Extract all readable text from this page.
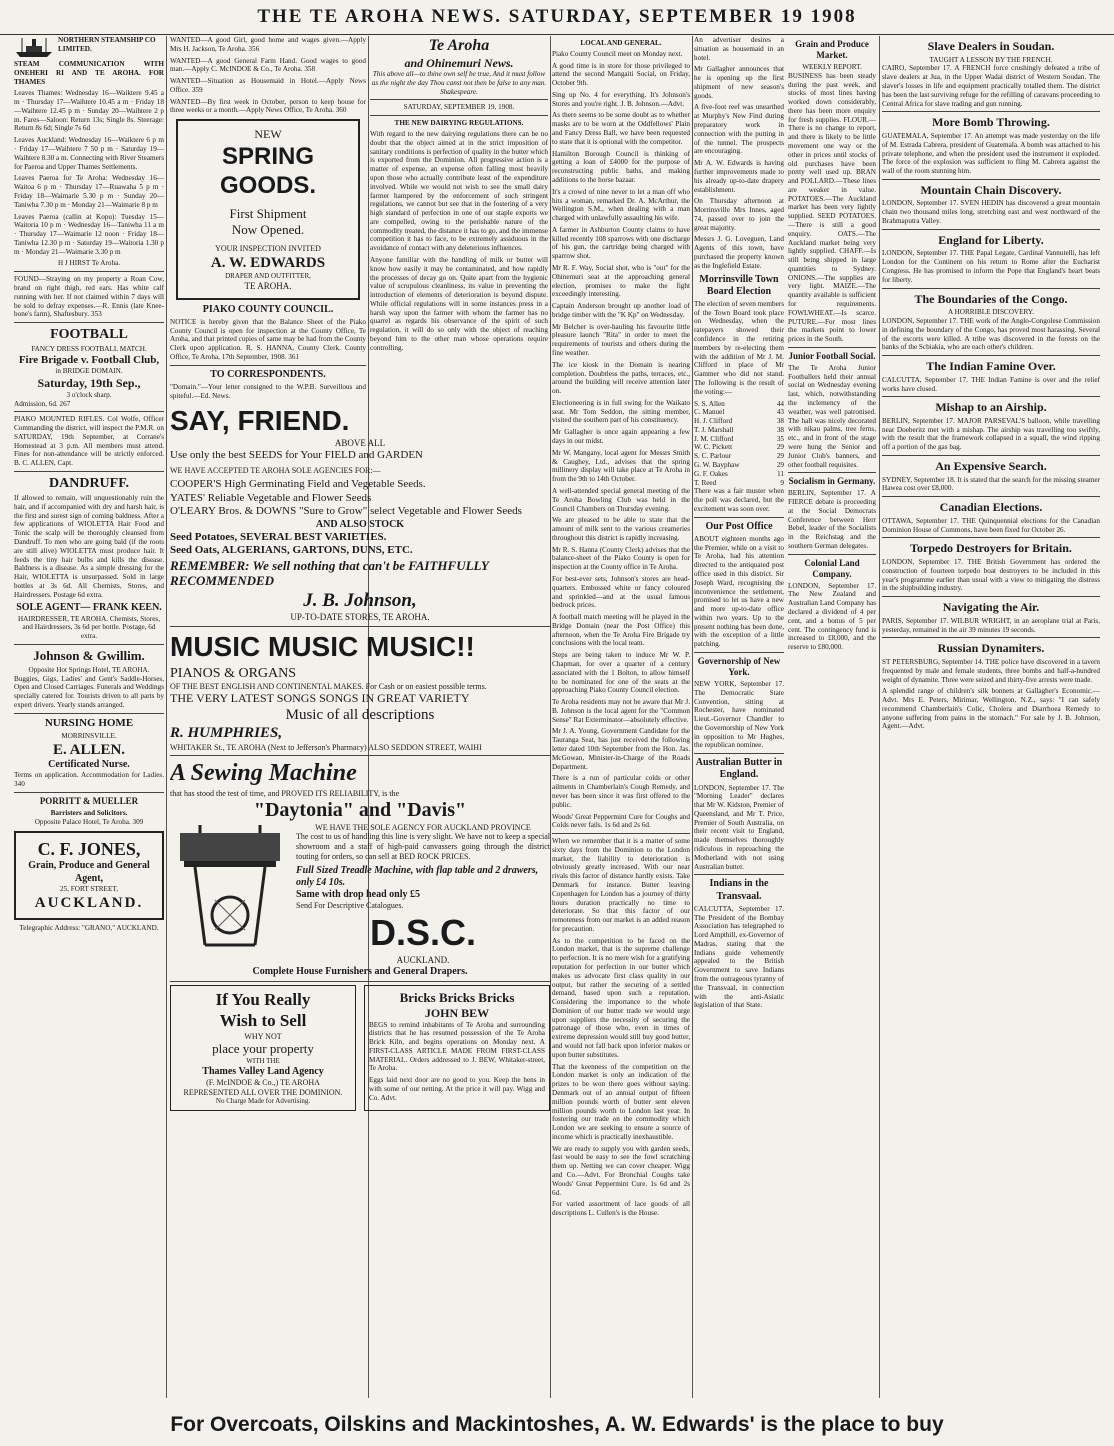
THE TE AROHA NEWS. SATURDAY, SEPTEMBER 19 1908
NORTHERN STEAMSHIP CO LIMITED.
STEAM COMMUNICATION WITH ONEHERI RI AND TE AROHA. FOR THAMES
Leaves Thames: Wednesday 16—Waiktere 9.45 a m · Thursday 17—Waihtere 10.45 a m · Friday 18—Waihtere 12.45 p m · Sunday 20—Waihtere 2 p m. Fares—Saloon: Return 13s; Single 8s. Steerage: Return 8s 6d; Single 7s 6d
Leaves Auckland: Wednesday 16—Waiktere 6 p m · Friday 17—Waihtere 7 50 p m · Saturday 19—Waihtere 8.30 a m. Connecting with River Steamers for Paeroa and Upper Thames Settlements.
Leaves Paeroa for Te Aroha: Wednesday 16—Waitoa 6 p m · Thursday 17—Ruawaha 5 p m · Friday 18—Waimarie 5.30 p m · Sunday 20—Taniwha 7.30 p m · Monday 21—Waimarie 8 p m
Leaves Paeroa (callin at Kopu): Tuesday 15—Waitoria 10 p m · Wednesday 16—Taniwha 11 a m · Thursday 17—Waimarie 12 noon · Friday 18—Taniwha 12.30 p m · Saturday 19—Waitoria 1.30 p m · Monday 21—Waimarie 3.30 p m
H J HIRST Te Aroha.
FOUND—Straying on my property a Roan Cow, brand on right thigh, red ears. Has white calf running with her. If not claimed within 7 days will be sold to defray expenses.—R. Ennis (late Knee-bone's farm), Shaftesbury. 353
FOOTBALL
FANCY DRESS FOOTBALL MATCH.
Fire Brigade v. Football Club,
in BRIDGE DOMAIN.
Saturday, 19th Sep.,
3 o'clock sharp.
Admission, 6d. 267
PIAKO MOUNTED RIFLES. Col Wolfe, Officer Commanding the district, will inspect the P.M.R. on SATURDAY, 19th September, at Corrane's Homestead at 3 p.m. All members must attend. Fines for non-attendance will be strictly enforced. B. C. ALLEN, Capt.
DANDRUFF.
If allowed to remain, will unquestionably ruin the hair, and if accompanied with dry and harsh hair, is the first and surest sign of coming baldness. After a few applications of WIOLETTA Hair Food and Tonic the scalp will be thoroughly cleansed from Dandruff. To men who are going bald (if the roots are still alive) WIOLETTA must produce hair. It feeds the tiny hair bulbs and kills the disease. Baldness is a disease. As a simple dressing for the Hair, WIOLETTA is unsurpassed. Sold in large bottles at 3s 6d. All Chemists, Stores, and Hairdressers. Postage 6d extra.
SOLE AGENT— FRANK KEEN.
HAIRDRESSER, TE AROHA. Chemists, Stores, and Hairdressers, 3s 6d per bottle. Postage, 6d extra.
Johnson & Gwillim.
Opposite Hot Springs Hotel, TE AROHA.
Buggies, Gigs, Ladies' and Gent's Saddle-Horses, Open and Closed Carriages. Funerals and Weddings specially catered for. Tourists driven to all parts by expert drivers. Yearly stands arranged.
NURSING HOME
MORRINSVILLE.
E. ALLEN.
Certificated Nurse.
Terms on application. Accommodation for Ladies. 340
PORRITT & MUELLER
Barristers and Solicitors.
Opposite Palace Hotel, Te Aroha. 309
C. F. JONES,
Grain, Produce and General Agent,
25, FORT STREET,
AUCKLAND.
Telegraphic Address: "GRANO," AUCKLAND.
WANTED—A good Girl, good home and wages given.—Apply Mrs H. Jackson, Te Aroha. 356
WANTED—A good General Farm Hand. Good wages to good man.—Apply C. McINDOE & Co., Te Aroha. 358
WANTED—Situation as Housemaid in Hotel.—Apply News Office. 359
WANTED—By first week in October, person to keep house for three weeks or a month.—Apply News Office, Te Aroha. 360
NEW
SPRING
GOODS.
First Shipment
Now Opened.
YOUR INSPECTION INVITED
A. W. EDWARDS
DRAPER AND OUTFITTER,
TE AROHA.
PIAKO COUNTY COUNCIL.
NOTICE is hereby given that the Balance Sheet of the Piako County Council is open for inspection at the County Office, Te Aroha, and that printed copies of same may be had from the County Clerk upon application. R. S. HANNA, County Clerk. County Office, Te Aroha, 17th September, 1908. 361
TO CORRESPONDENTS.
"Domain."—Your letter consigned to the W.P.B. Surveillous and spiteful.—Ed. News.
SAY, FRIEND.
ABOVE ALL
Use only the best SEEDS for Your FIELD and GARDEN
WE HAVE ACCEPTED TE AROHA SOLE AGENCIES FOR:—
COOPER'S High Germinating Field and Vegetable Seeds.
YATES' Reliable Vegetable and Flower Seeds
O'LEARY Bros. & DOWNS "Sure to Grow" select Vegetable and Flower Seeds
AND ALSO STOCK
Seed Potatoes, SEVERAL BEST VARIETIES.
Seed Oats, ALGERIANS, GARTONS, DUNS, ETC.
REMEMBER: We sell nothing that can't be FAITHFULLY RECOMMENDED
J. B. Johnson,
UP-TO-DATE STORES, TE AROHA.
MUSIC MUSIC MUSIC!!
PIANOS & ORGANS
OF THE BEST ENGLISH AND CONTINENTAL MAKES. For Cash or on easiest possible terms.
THE VERY LATEST SONGS SONGS IN GREAT VARIETY
Music of all descriptions
R. HUMPHRIES,
WHITAKER St., TE AROHA (Next to Jefferson's Pharmacy) ALSO SEDDON STREET, WAIHI
A Sewing Machine
that has stood the test of time, and PROVED ITS RELIABILITY, is the
"Daytonia" and "Davis"
WE HAVE THE SOLE AGENCY FOR AUCKLAND PROVINCE
The cost to us of handling this line is very slight. We have not to keep a special showroom and a staff of high-paid canvassers going through the district touting for orders, so can sell at BED ROCK PRICES.
Full Sized Treadle Machine, with flap table and 2 drawers, only £4 10s.
Same with drop head only £5
Send For Descriptive Catalogues.
D.S.C.
AUCKLAND.
Complete House Furnishers and General Drapers.
If You Really
Wish to Sell
WHY NOT
place your property
WITH THE
Thames Valley Land Agency
(F. McINDOE & Co.,) TE AROHA
REPRESENTED ALL OVER THE DOMINION.
No Charge Made for Advertising.
Bricks Bricks Bricks
JOHN BEW
BEGS to remind inhabitants of Te Aroha and surrounding districts that he has resumed possession of the Te Aroha Brick Kiln, and begins operations on Monday next. A FIRST-CLASS ARTICLE MADE FROM FIRST-CLASS MATERIAL. Orders addressed to J. BEW, Whitaker-street, Te Aroha.
Eggs laid next door are no good to you. Keep the hens in with some of our netting. At the price it will pay. Wigg and Co. Advt.
Te Aroha
and Ohinemuri News.
This above all—to thine own self be true, And it must follow as the night the day Thou canst not then be false to any man. Shakespeare.
SATURDAY, SEPTEMBER 19, 1908.
THE NEW DAIRYING REGULATIONS.
With regard to the new dairying regulations there can be no doubt that the object aimed at in the strict imposition of sanitary conditions is perfection of quality in the butter which is exported from the Dominion. All progressive action is a matter of expense, an expense often falling most heavily upon those who actually contribute least of the expenditure involved. While we would not wish to see the small dairy farmer hampered by the enforcement of such stringent regulations, we cannot but see that in the fostering of a very high standard of perfection in one of our staple exports we are compelled, owing to the perishable nature of the commodity treated, the distance it has to go, and the immense competition it has to face, to be extremely assiduous in the avoidance of contact with any deleterious influences.
Anyone familiar with the handling of milk or butter will know how easily it may be contaminated, and how rapidly the processes of decay go on. Quite apart from the hygienic value of scrupulous cleanliness, its value in preventing the introduction of elements of deterioration is beyond dispute. While official regulations will in some instances press in a harsh way upon the farmer with whom the farmer has no quarrel as regards his observance of the spirit of such regulation, it will do so only with the object of reaching beyond him to the other man whose operations require controlling.
LOCAL AND GENERAL.
Piako County Council meet on Monday next.
A good time is in store for those privileged to attend the second Mangaiti Social, on Friday, October 9th.
Sing up No. 4 for everything. It's Johnson's Stores and you're right. J. B. Johnson.—Advt.
As there seems to be some doubt as to whether masks are to be worn at the Oddfellows' Plain and Fancy Dress Ball, we have been requested to state that it is optional with the competitor.
Hamilton Borough Council is thinking of getting a loan of £4000 for the purpose of reconstructing public baths, and making additions to the horse bazaar.
It's a crowd of nine never to let a man off who hits a woman, remarked Dr. A. McArthur, the Wellington S.M., when dealing with a man charged with unlawfully assaulting his wife.
A farmer in Ashburton County claims to have killed recently 108 sparrows with one discharge of his gun, the cartridge being charged with sparrow shot.
Mr R. F. Way, Social shot, who is "out" for the Ohinemuri seat at the approaching general election, promises to make the fight exceedingly interesting.
Captain Anderson brought up another load of bridge timber with the "K Kp" on Wednesday.
Mr Belcher is over-hauling his favourite little pleasure launch "Rita" in order to meet the requirements of tourists and others during the fine weather.
The ice kiosk in the Domain is nearing completion. Doubtless the paths, terraces, etc., around the building will receive attention later on.
Electioneering is in full swing for the Waikato seat. Mr Tom Seddon, the sitting member, visited the southern part of his constituency.
Mr Gallagher is once again appearing a few days in our midst.
Mr W. Mangany, local agent for Messrs Smith & Caughey, Ltd., advises that the spring millinery display will take place at Te Aroha in from the 9th to 14th October.
A well-attended special general meeting of the Te Aroha Bowling Club was held in the Council Chambers on Thursday evening.
We are pleased to be able to state that the amount of milk sent to the various creameries throughout this district is rapidly increasing.
Mr R. S. Hanna (County Clerk) advises that the balance-sheet of the Piako County is open for inspection at the County office in Te Aroha.
For best-ever sets, Johnson's stores are head-quarters. Embossed white or fancy coloured and sprinkled—and at the usual famous bedrock prices.
A football match meeting will be played in the Bridge Domain (near the Post Office) this afternoon, when the Te Aroha Fire Brigade try conclusions with the local team.
Steps are being taken to induce Mr W. P. Chapman, for over a quarter of a century associated with the 1 Bolton, to allow himself to be nominated for one of the seats at the approaching Piako County Council election.
Te Aroha residents may not be aware that Mr J. B. Johnson is the local agent for the "Common Sense" Rat Exterminator—absolutely effective.
Mr J. A. Young, Government Candidate for the Tauranga Seat, has just received the following letter dated 10th September from the Hon. Jas. McGowan, Minister-in-Charge of the Roads Department.
There is a run of particular colds or other ailments in Chamberlain's Cough Remedy, and never has been since it was first offered to the public.
Woods' Great Peppermint Cure for Coughs and Colds never fails. 1s 6d and 2s 6d.
When we remember that it is a matter of some sixty days from the Dominion to the London market, the liability to deterioration is obviously greatly increased. With our near rivals this factor of distance hardly exists. Take Denmark for instance. Butter leaving Copenhagen for London has a journey of thirty hours duration practically no time to deteriorate. So that this factor of our remoteness from our market is an added reason for precaution.
As to the competition to be faced on the London market, that is the supreme challenge to perfection. It is no mere wish for a gratifying reputation for perfection in our butter which makes us advocate first class quality in our output, but rather the securing of a settled demand, based upon such a reputation. Considering the importance to the whole Dominion of our butter trade we would urge upon suppliers the necessity of securing the patronage of those who, even in times of extreme depression would still buy good butter, and would not fall back upon inferior makes or upon butter substitutes.
That the keenness of the competition on the London market is only an indication of the prizes to be won there goes without saying. Denmark out of an annual output of fifteen million pounds worth of butter sent eleven million pounds worth to London last year. In fostering our trade on the commodity which London we are seeking to ensure a source of income which is practically inexhaustible.
We are ready to supply you with garden seeds, fast would be easy to see the fowl scratching them up. Netting we can cover cheaper. Wigg and Co.—Advt. For Bronchial Coughs take Woods' Great Peppermint Cure. 1s 6d and 2s 6d.
For varied assortment of lace goods of all descriptions L. Cullen's is the House.
An advertiser desires a situation as housemaid in an hotel.
Mr Gallagher announces that he is opening up the first shipment of new season's goods.
A five-foot reef was unearthed at Murphy's New Find during preparatory work in connection with the putting in of the tunnel. The prospects are encouraging.
Mr A. W. Edwards is having further improvements made to his already up-to-date drapery establishment.
On Thursday afternoon at Morrinsville Mrs Innes, aged 74, passed over to join the great majority.
Messrs J. G. Loveguen, Land Agents of this town, have purchased the property known as the Inglefield Estate.
Morrinsville Town Board Election
The election of seven members of the Town Board took place on Wednesday, when the ratepayers showed their confidence in the retiring members by re-electing them with the addition of Mr J. M. Clifford in place of Mr Gammer who did not stand. The following is the result of the voting:—
S. S. Allen	44
C. Manuel	43
H. J. Clifford	38
T. J. Marshall	38
J. M. Clifford	35
W. C. Pickett	29
S. C. Parlour	29
G. W. Bayphaw	29
G. F. Oakes	11
T. Reed	9
There was a fair muster when the poll was declared, but the excitement was soon over.
Our Post Office
ABOUT eighteen months ago the Premier, while on a visit to Te Aroha, had his attention directed to the antiquated post office used in this district. Sir Joseph Ward, recognising the inconvenience the settlement, promised to let us have a new and more up-to-date office within two years. Up to the present nothing has been done, with the exception of a little patching.
Governorship of New York.
NEW YORK, September 17. The Democratic State Convention, sitting at Rochester, have nominated Lieut.-Governor Chandler to the Governorship of New York in opposition to Mr Hughes, the republican nominee.
Australian Butter in England.
LONDON, September 17. The "Morning Leader" declares that Mr W. Kidston, Premier of Queensland, and Mr T. Price, Premier of South Australia, on their recent visit to England, made themselves thoroughly ridiculous in reproaching the Motherland with not using Australian butter.
Indians in the Transvaal.
CALCUTTA, September 17. The President of the Bombay Association has telegraphed to Lord Ampthill, ex-Governor of Madras, stating that the Indians guide vehemently appealed to the British Government to save Indians from the outrageous tyranny of the Transvaal, in connection with the anti-Asiatic legislation of that State.
Grain and Produce Market.
WEEKLY REPORT.
BUSINESS has been steady during the past week, and stocks of most lines having worked down considerably, there has been more enquiry for fresh supplies. FLOUR.—There is no change to report, and there is likely to be little movement one way or the other in prices until stocks of old purchases have been pretty well used up. BRAN and POLLARD.—These lines are weaker in value. POTATOES.—The Auckland market has been very lightly supplied. SEED POTATOES.—There is still a good enquiry. OATS.—The Auckland market being very lightly supplied. CHAFF.—Is still being shipped in large quantities to Sydney. ONIONS.—The supplies are very light. MAIZE.—The quantity available is sufficient for requirements. FOWLWHEAT.—Is scarce. PUTURE.—For most lines the markets point to lower prices in the South.
Junior Football Social.
The Te Aroha Junior Footballers held their annual social on Wednesday evening last, which, notwithstanding the inclemency of the weather, was well patronised. The hall was nicely decorated with nikau palms, tree ferns, etc., and in front of the stage were hung the Senior and Junior Club's banners, and other football requisites.
Socialism in Germany.
BERLIN, September 17. A FIERCE debate is proceeding at the Social Democrats Conference between Herr Bebel, leader of the Socialists in the Reichstag and the southern German delegates.
Colonial Land Company.
LONDON, September 17. The New Zealand and Australian Land Company has declared a dividend of 4 per cent, and a bonus of 5 per cent. The contingency fund is increased to £8,000, and the reserve to £80,000.
Slave Dealers in Soudan.
TAUGHT A LESSON BY THE FRENCH.
CAIRO, September 17. A FRENCH force crushingly defeated a tribe of slave dealers at Jua, in the Upper Wadai district of Western Soudan. The slaver's losses in life and equipment practically totalled them. The district has been the last surviving refuge for the refilling of caravans proceeding to Central Africa for slave trading and gun running.
More Bomb Throwing.
GUATEMALA, September 17. An attempt was made yesterday on the life of M. Estrada Cabrera, president of Guatemala. A bomb was attached to his private telephone, and when the president used the instrument it exploded. The force of the explosion was sufficient to fling M. Cabrera against the wall of the room stunning him.
Mountain Chain Discovery.
LONDON, September 17. SVEN HEDIN has discovered a great mountain chain two thousand miles long, stretching east and west northward of the Brahmaputra Valley.
England for Liberty.
LONDON, September 17. THE Papal Legate, Cardinal Vannutelli, has left London for the Continent on his return to Rome after the Eucharist Congress. He has promised to inform the Pope that England's heart beats for liberty.
The Boundaries of the Congo.
A HORRIBLE DISCOVERY.
LONDON, September 17. THE work of the Anglo-Congolese Commission in defining the boundary of the Congo, has proved most harassing. Several of the escorts were killed. A tribe was discovered in the forests on the banks of the Scbiakia, who are each other's children.
The Indian Famine Over.
CALCUTTA, September 17. THE Indian Famine is over and the relief works have closed.
Mishap to an Airship.
BERLIN, September 17. MAJOR PARSEVAL'S balloon, while travelling near Doeberitz met with a mishap. The airship was travelling too swiftly, with the result that the framework collapsed in a squall, the wind ripping off a portion of the gas bag.
An Expensive Search.
SYDNEY, September 18. It is stated that the search for the missing steamer Hawea cost over £8,000.
Canadian Elections.
OTTAWA, September 17. THE Quinquennial elections for the Canadian Dominion House of Commons, have been fixed for October 26.
Torpedo Destroyers for Britain.
LONDON, September 17. THE British Government has ordered the construction of fourteen torpedo boat destroyers to be included in this year's programme earlier than usual with a view to mitigating the distress in the shipbuilding industry.
Navigating the Air.
PARIS, September 17. WILBUR WRIGHT, in an aeroplane trial at Paris, yesterday, remained in the air 39 minutes 19 seconds.
Russian Dynamiters.
ST PETERSBURG, September 14. THE police have discovered in a tavern frequented by male and female students, three bombs and half-a-hundred weight of dynamite. Three were seized and thirty-five arrests were made.
A splendid range of children's silk bonnets at Gallagher's Economic.—Advt. Mrs E. Peters, Mirimar, Wellington, N.Z., says: "I can safely recommend Chamberlain's Colic, Cholera and Diarrhoea Remedy to anyone suffering from pains in the stomach." For sale by J. B. Johnson, Agent.—Advt.
For Overcoats, Oilskins and Mackintoshes, A. W. Edwards' is the place to buy
